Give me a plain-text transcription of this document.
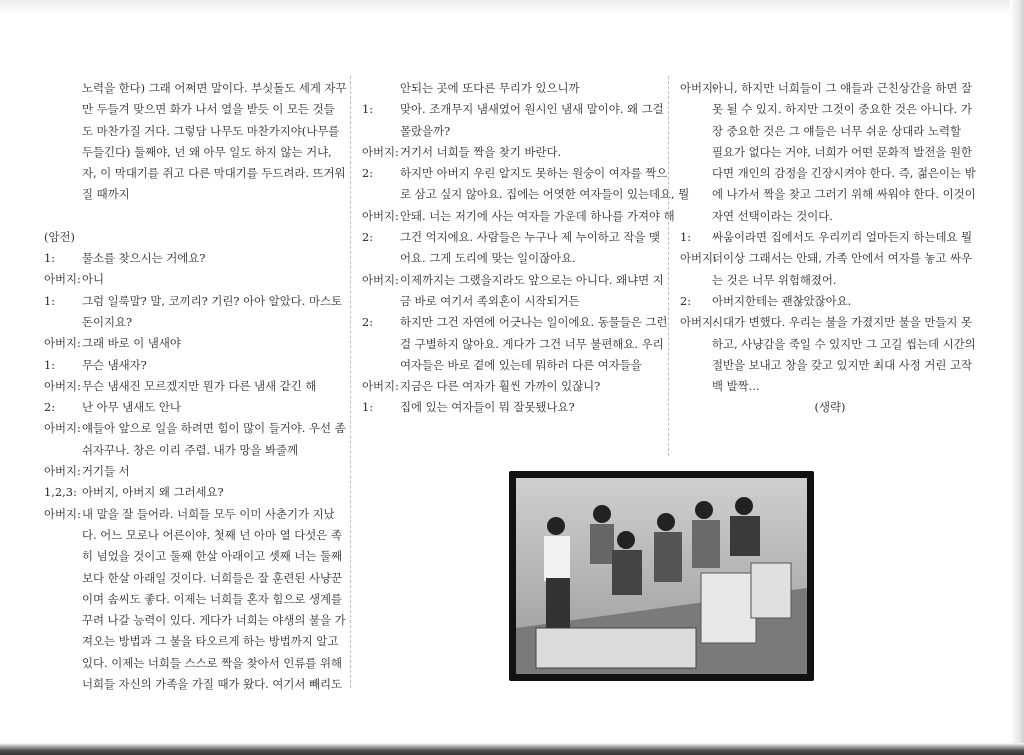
노력을 한다) 그래 어쩌면 말이다. 부싯돌도 세게 자꾸
만 두들겨 맞으면 화가 나서 열을 받듯 이 모든 것들
도 마찬가질 거다. 그렇담 나무도 마찬가지야(나무를
두들긴다) 둘째야, 넌 왜 아무 일도 하지 않는 거냐,
자, 이 막대기를 쥐고 다른 막대기를 두드려라. 뜨거워
질 때까지
(암전)
1: 물소를 찾으시는 거에요?
아버지: 아니
1: 그럼 일룩말? 말, 코끼리? 기린? 아아 알았다. 마스토
돈이지요?
아버지: 그래 바로 이 냄새야
1: 무슨 냄새자?
아버지: 무슨 냄새진 모르겠지만 뭔가 다른 냄새 같긴 해
2: 난 아무 냄새도 안나
아버지: 얘들아 앞으로 일을 하려면 힘이 많이 들거야. 우선 좀
쉬자꾸나. 창은 이리 주렴. 내가 망을 봐줄께
아버지: 거기들 서
1,2,3: 아버지, 아버지 왜 그러세요?
아버지: 내 말을 잘 들어라. 너희들 모두 이미 사춘기가 지났
다. 어느 모로나 어른이야. 첫째 넌 아마 열 다섯은 족
히 넘었을 것이고 둘째 한살 아래이고 셋째 너는 둘째
보다 한살 아래일 것이다. 너희들은 잘 훈련된 사냥꾼
이며 솜씨도 좋다. 이제는 너희들 혼자 힘으로 생계를
꾸려 나갈 능력이 있다. 게다가 너희는 야생의 불을 가
져오는 방법과 그 불을 타오르게 하는 방법까지 알고
있다. 이제는 너희들 스스로 짝을 찾아서 인류를 위해
너희들 자신의 가족을 가질 때가 왔다. 여기서 빼리도
안되는 곳에 또다른 무리가 있으니까
1: 맞아. 조개무지 냄새였어 원시인 냄새 말이야. 왜 그걸
몰랐을까?
아버지: 거기서 너희들 짝을 찾기 바란다.
2: 하지만 아버지 우린 알지도 못하는 원숭이 여자를 짝으
로 삼고 싶지 않아요. 집에는 어엿한 여자들이 있는데요, 뭘
아버지: 안돼. 너는 저기에 사는 여자들 가운데 하나를 가져야 해
2: 그건 억지에요. 사람들은 누구나 제 누이하고 작을 맺
어요. 그게 도리에 맞는 일이잖아요.
아버지: 이제까지는 그랬을지라도 앞으로는 아니다. 왜냐면 지
금 바로 여기서 족외혼이 시작되거든
2: 하지만 그건 자연에 어긋나는 일이에요. 동물들은 그런
걸 구별하지 않아요. 게다가 그건 너무 불편해요. 우리
여자들은 바로 곁에 있는데 뭐하러 다른 여자들을
아버지: 지금은 다른 여자가 훨씬 가까이 있잖니?
1: 집에 있는 여자들이 뭐 잘못됐나요?
아버지:
아니, 하지만 너희들이 그 얘들과 근친상간을 하면 잘
못 될 수 있지. 하지만 그것이 중요한 것은 아니다. 가
장 중요한 것은 그 얘들은 너무 쉬운 상대라 노력할
필요가 없다는 거야, 너희가 어떤 문화적 발전을 원한
다면 개인의 감정을 긴장시켜야 한다. 즉, 젊은이는 밖
에 나가서 짝을 찾고 그러기 위해 싸워야 한다. 이것이
자연 선택이라는 것이다.
1: 싸움이라면 집에서도 우리끼리 얼마든지 하는데요 뭘
아버지:
더이상 그래서는 안돼, 가족 안에서 여자를 놓고 싸우
는 것은 너무 위험해졌어.
2: 아버지한테는 괜찮았잖아요.
아버지:
시대가 변했다. 우리는 불을 가졌지만 불을 만들지 못
하고, 사냥감을 죽일 수 있지만 그 고길 씹는데 시간의
절반을 보내고 창을 갖고 있지만 최대 사정 거린 고작
백 발짝...
(생략)
